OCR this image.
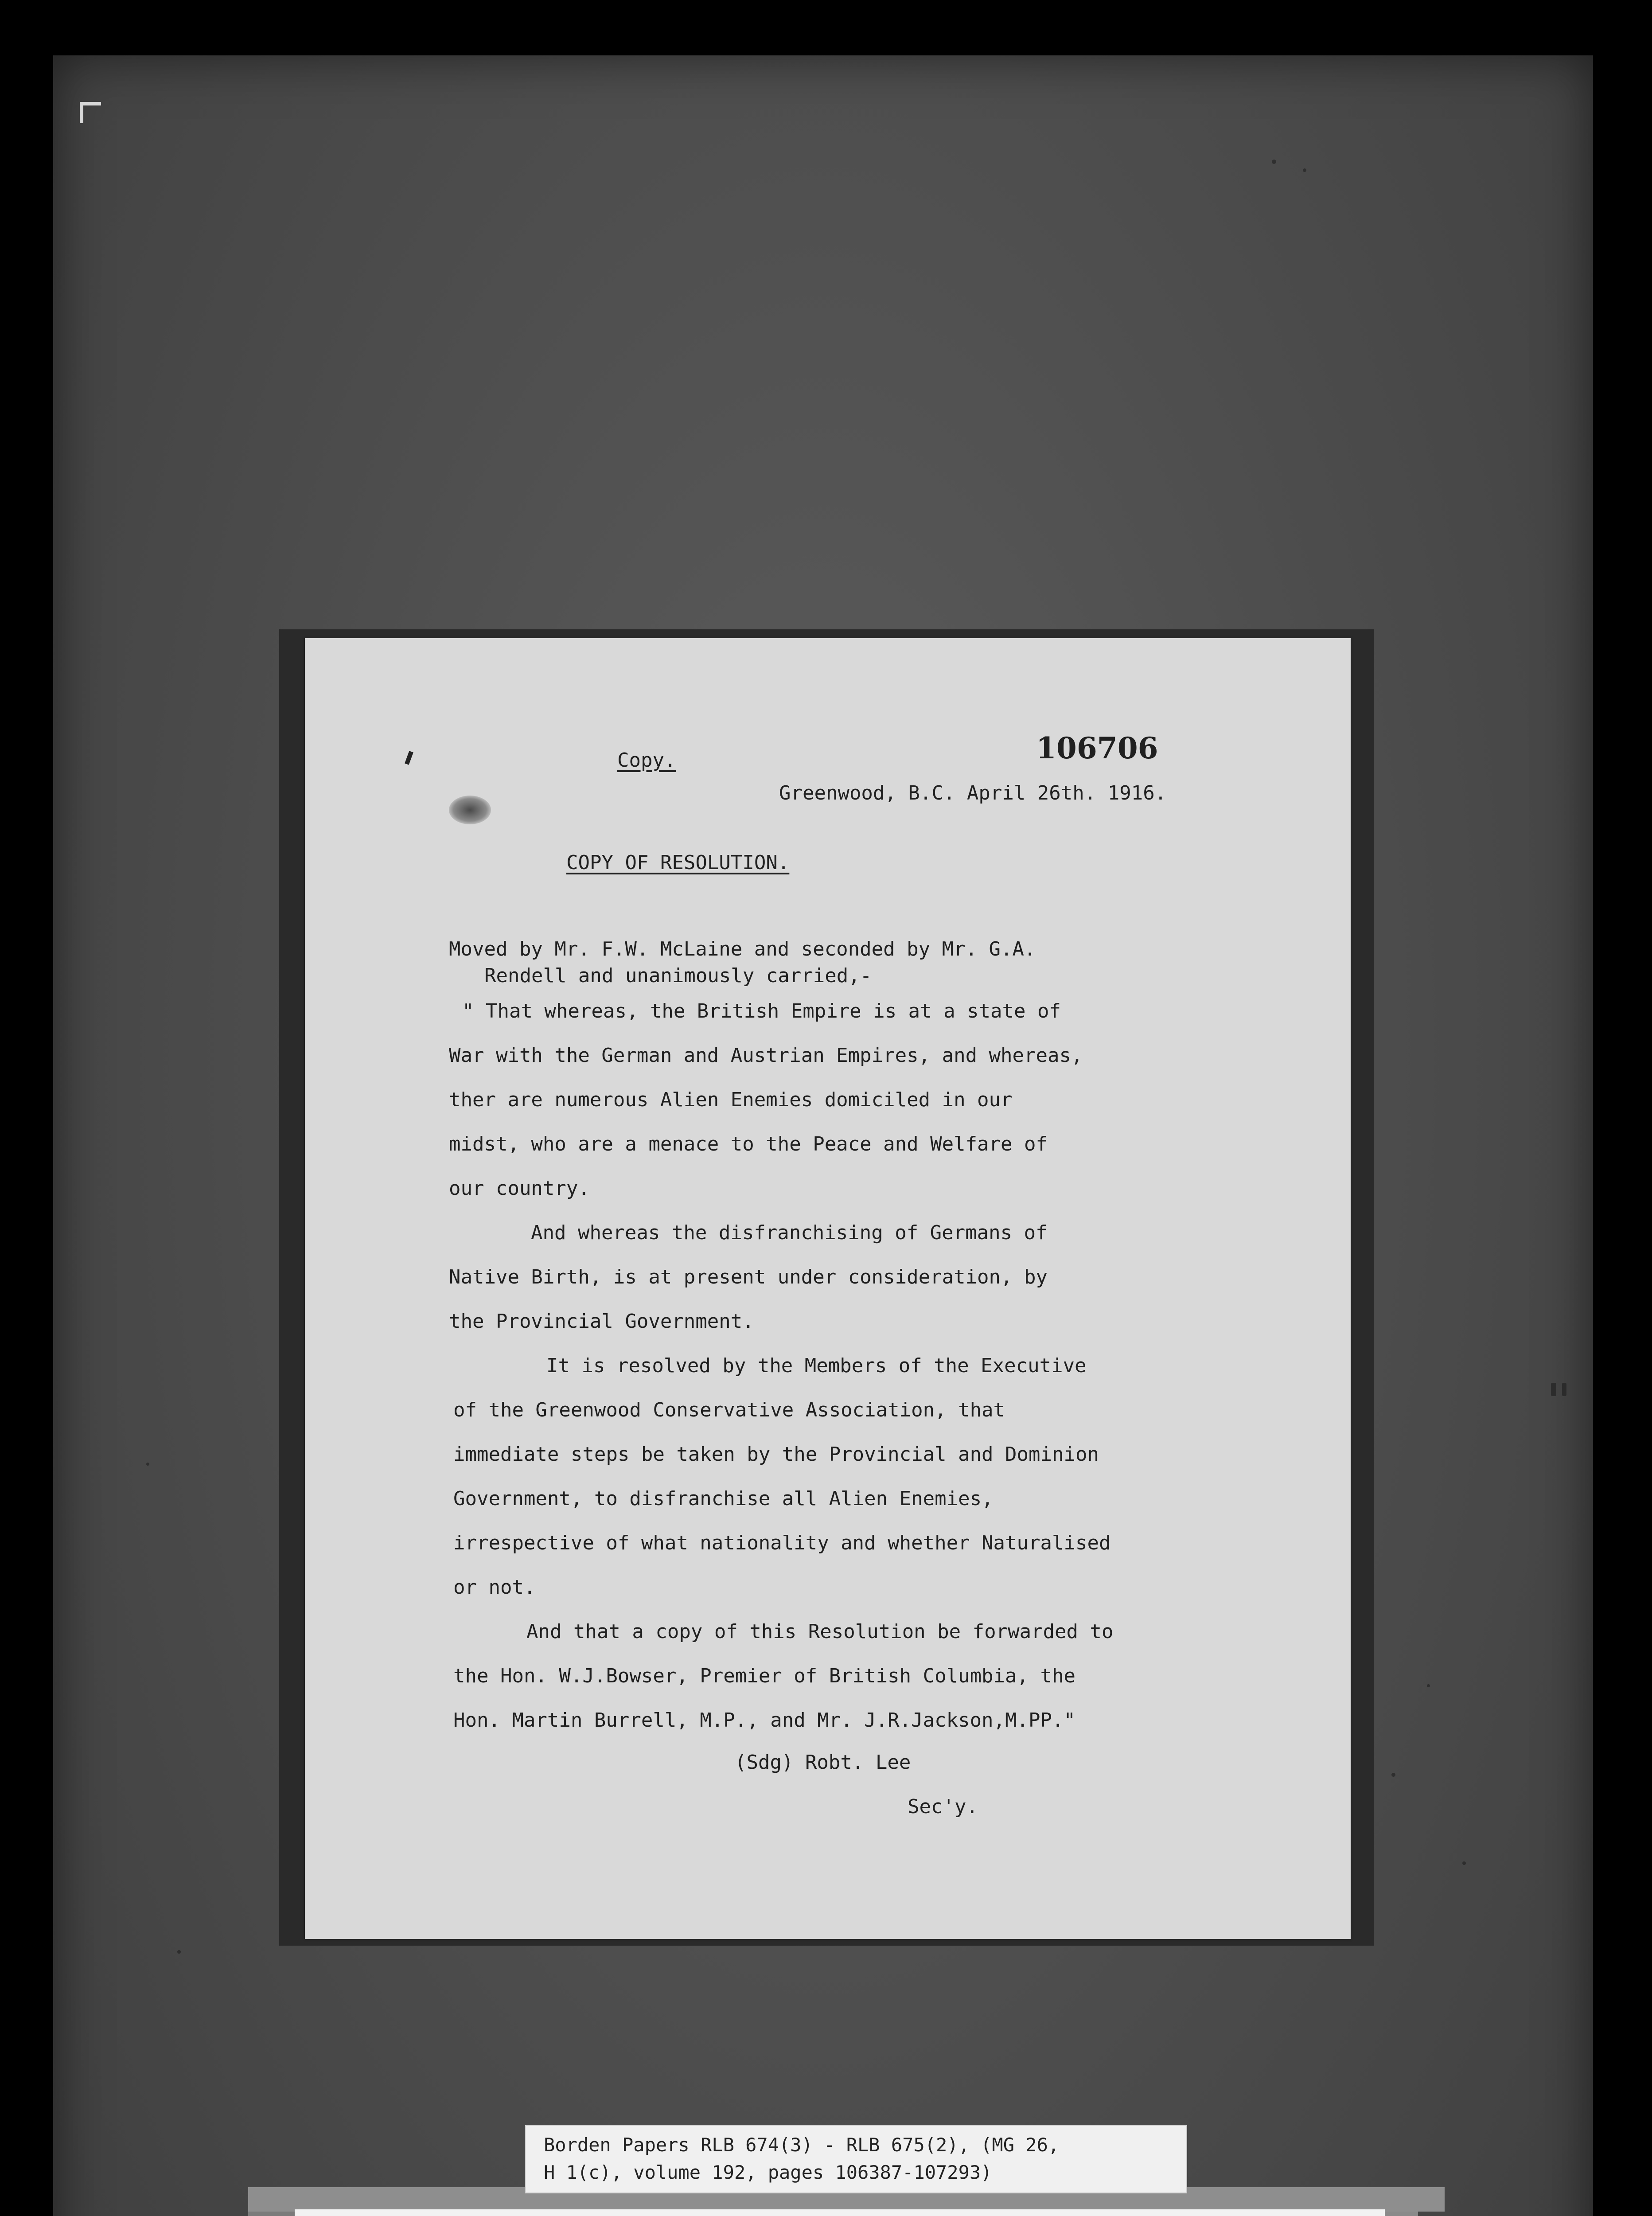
Copy.	106706
Greenwood, B.C. April 26th. 1916.
COPY OF RESOLUTION.
Moved by Mr. F.W. McLaine and seconded by Mr. G.A.
Rendell and unanimously carried,-
" That whereas, the British Empire is at a state of
War with the German and Austrian Empires, and whereas,
ther are numerous Alien Enemies domiciled in our
midst, who are a menace to the Peace and Welfare of
our country.
And whereas the disfranchising of Germans of
Native Birth, is at present under consideration, by
the Provincial Government.
It is resolved by the Members of the Executive
of the Greenwood Conservative Association, that
immediate steps be taken by the Provincial and Dominion
Government, to disfranchise all Alien Enemies,
irrespective of what nationality and whether Naturalised
or not.
And that a copy of this Resolution be forwarded to
the Hon. W.J.Bowser, Premier of British Columbia, the
Hon. Martin Burrell, M.P., and Mr. J.R.Jackson,M.PP."
(Sdg) Robt. Lee
Sec'y.
Borden Papers RLB 674(3) - RLB 675(2), (MG 26,
H 1(c), volume 192, pages 106387-107293)
